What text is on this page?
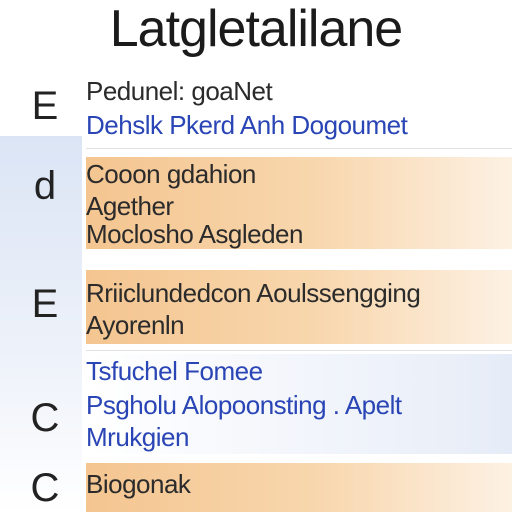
Latgletalilane
E
d
E
C
C
Pedunel: goaNet
Dehslk Pkerd Anh Dogoumet
Cooon gdahion
Agether
Moclosho Asgleden
Rriiclundedcon Aoulssengging
Ayorenln
Tsfuchel Fomee
Psgholu Alopoonsting . Apelt
Mrukgien
Biogonak
